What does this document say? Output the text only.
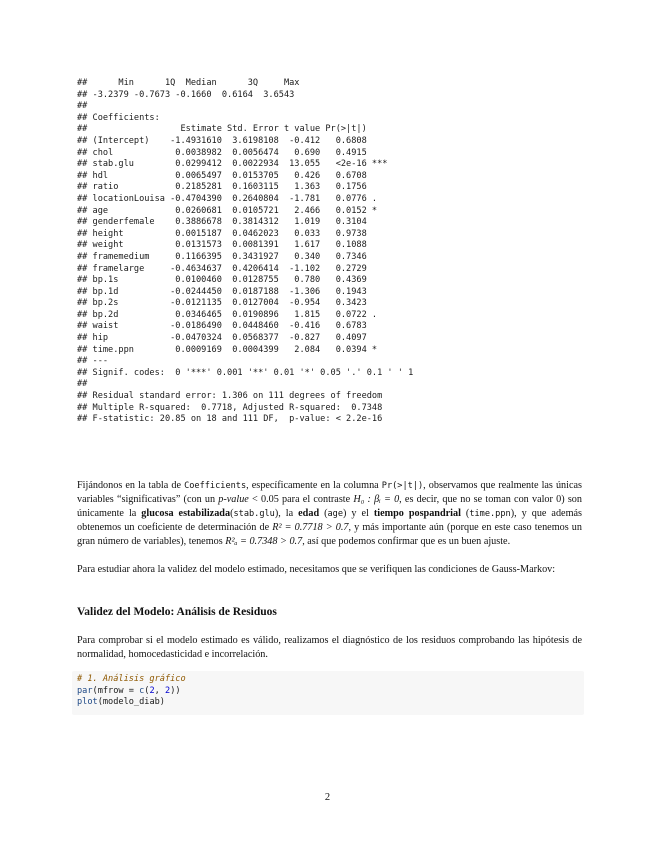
##      Min      1Q  Median      3Q     Max
## -3.2379 -0.7673 -0.1660  0.6164  3.6543
##
## Coefficients:
##                  Estimate Std. Error t value Pr(>|t|)
## (Intercept)    -1.4931610  3.6198108  -0.412   0.6808
## chol            0.0038982  0.0056474   0.690   0.4915
## stab.glu        0.0299412  0.0022934  13.055   <2e-16 ***
## hdl             0.0065497  0.0153705   0.426   0.6708
## ratio           0.2185281  0.1603115   1.363   0.1756
## locationLouisa -0.4704390  0.2640804  -1.781   0.0776 .
## age             0.0260681  0.0105721   2.466   0.0152 *
## genderfemale    0.3886678  0.3814312   1.019   0.3104
## height          0.0015187  0.0462023   0.033   0.9738
## weight          0.0131573  0.0081391   1.617   0.1088
## framemedium     0.1166395  0.3431927   0.340   0.7346
## framelarge     -0.4634637  0.4206414  -1.102   0.2729
## bp.1s           0.0100460  0.0128755   0.780   0.4369
## bp.1d          -0.0244450  0.0187188  -1.306   0.1943
## bp.2s          -0.0121135  0.0127004  -0.954   0.3423
## bp.2d           0.0346465  0.0190896   1.815   0.0722 .
## waist          -0.0186490  0.0448460  -0.416   0.6783
## hip            -0.0470324  0.0568377  -0.827   0.4097
## time.ppn        0.0009169  0.0004399   2.084   0.0394 *
## ---
## Signif. codes:  0 '***' 0.001 '**' 0.01 '*' 0.05 '.' 0.1 ' ' 1
##
## Residual standard error: 1.306 on 111 degrees of freedom
## Multiple R-squared:  0.7718, Adjusted R-squared:  0.7348
## F-statistic: 20.85 on 18 and 111 DF,  p-value: < 2.2e-16

Fijándonos en la tabla de Coefficients, específicamente en la columna Pr(>|t|), observamos que realmente las únicas variables “significativas” (con un p-value < 0.05 para el contraste H₀ : βᵢ = 0, es decir, que no se toman con valor 0) son únicamente la glucosa estabilizada(stab.glu), la edad (age) y el tiempo pospandrial (time.ppn), y que además obtenemos un coeficiente de determinación de R² = 0.7718 > 0.7, y más importante aún (porque en este caso tenemos un gran número de variables), tenemos R²ₐ = 0.7348 > 0.7, así que podemos confirmar que es un buen ajuste.

Para estudiar ahora la validez del modelo estimado, necesitamos que se verifiquen las condiciones de Gauss-Markov:

Validez del Modelo: Análisis de Residuos

Para comprobar si el modelo estimado es válido, realizamos el diagnóstico de los residuos comprobando las hipótesis de normalidad, homocedasticidad e incorrelación.

# 1. Análisis gráfico
par(mfrow = c(2, 2))
plot(modelo_diab)
2
